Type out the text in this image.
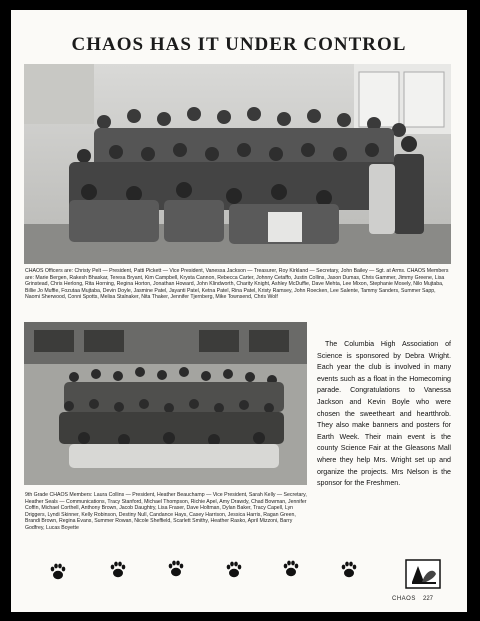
CHAOS HAS IT UNDER CONTROL

CHAOS Officers are: Christy Pelt — President, Patti Pickett — Vice President, Vanessa Jackson — Treasurer, Roy Kirkland — Secretary, John Bailey — Sgt. at Arms. CHAOS Members are: Marie Bergen, Rakesh Bhaskar, Teresa Bryant, Kim Campbell, Krysta Cannon, Rebecca Carter, Johnny Cetaffo, Justin Collins, Jason Dumas, Chris Gammer, Jimmy Greene, Lisa Grinstead, Chris Herlong, Rita Horning, Regina Horton, Jonathan Howard, John Klindworth, Charity Knight, Ashley McDuffie, Dave Mehta, Lee Mixon, Stephanie Mosely, Nilo Mujtaba, Billie Jo Muffie, Fozutaa Mujtaba, Devin Doyle, Jasmine Patel, Jayanti Patel, Ketna Patel, Rina Patel, Kristy Ramsey, John Roecken, Lee Salente, Tammy Sanders, Summer Sapp, Naomi Sherwood, Conni Spotts, Melisa Stalnaker, Nita Thaker, Jennifer Tjernberg, Mike Townsend, Chris Wolf

9th Grade CHAOS Members: Laura Collins — President, Heather Beauchamp — Vice President, Sarah Kelly — Secretary, Heather Seals — Communications, Tracy Stanford, Michael Thompson, Richie Apel, Amy Drawdy, Chad Bowman, Jennifer Coffin, Michael Corthell, Anthony Brown, Jacob Daughtry, Lisa Fraser, Dave Holtman, Dylan Baker, Tracy Capell, Lyn Driggers, Lyndi Skinner, Kelly Robinson, Destiny Null, Candance Hays, Casey Harrison, Jessica Harris, Ragan Green, Brandi Brown, Regina Evans, Summer Rowan, Nicole Sheffield, Scarlett Smithy, Heather Rasko, April Mizzoni, Barry Godfrey, Lucas Boyette

The Columbia High Association of Science is sponsored by Debra Wright. Each year the club is involved in many events such as a float in the Homecoming parade. Congratulations to Vanessa Jackson and Kevin Boyle who were chosen the sweetheart and heartthrob. They also make banners and posters for Earth Week. Their main event is the county Science Fair at the Gleasons Mall where they help Mrs. Wright set up and organize the projects. Mrs Nelson is the sponsor for the Freshmen.

CHAOS 227
